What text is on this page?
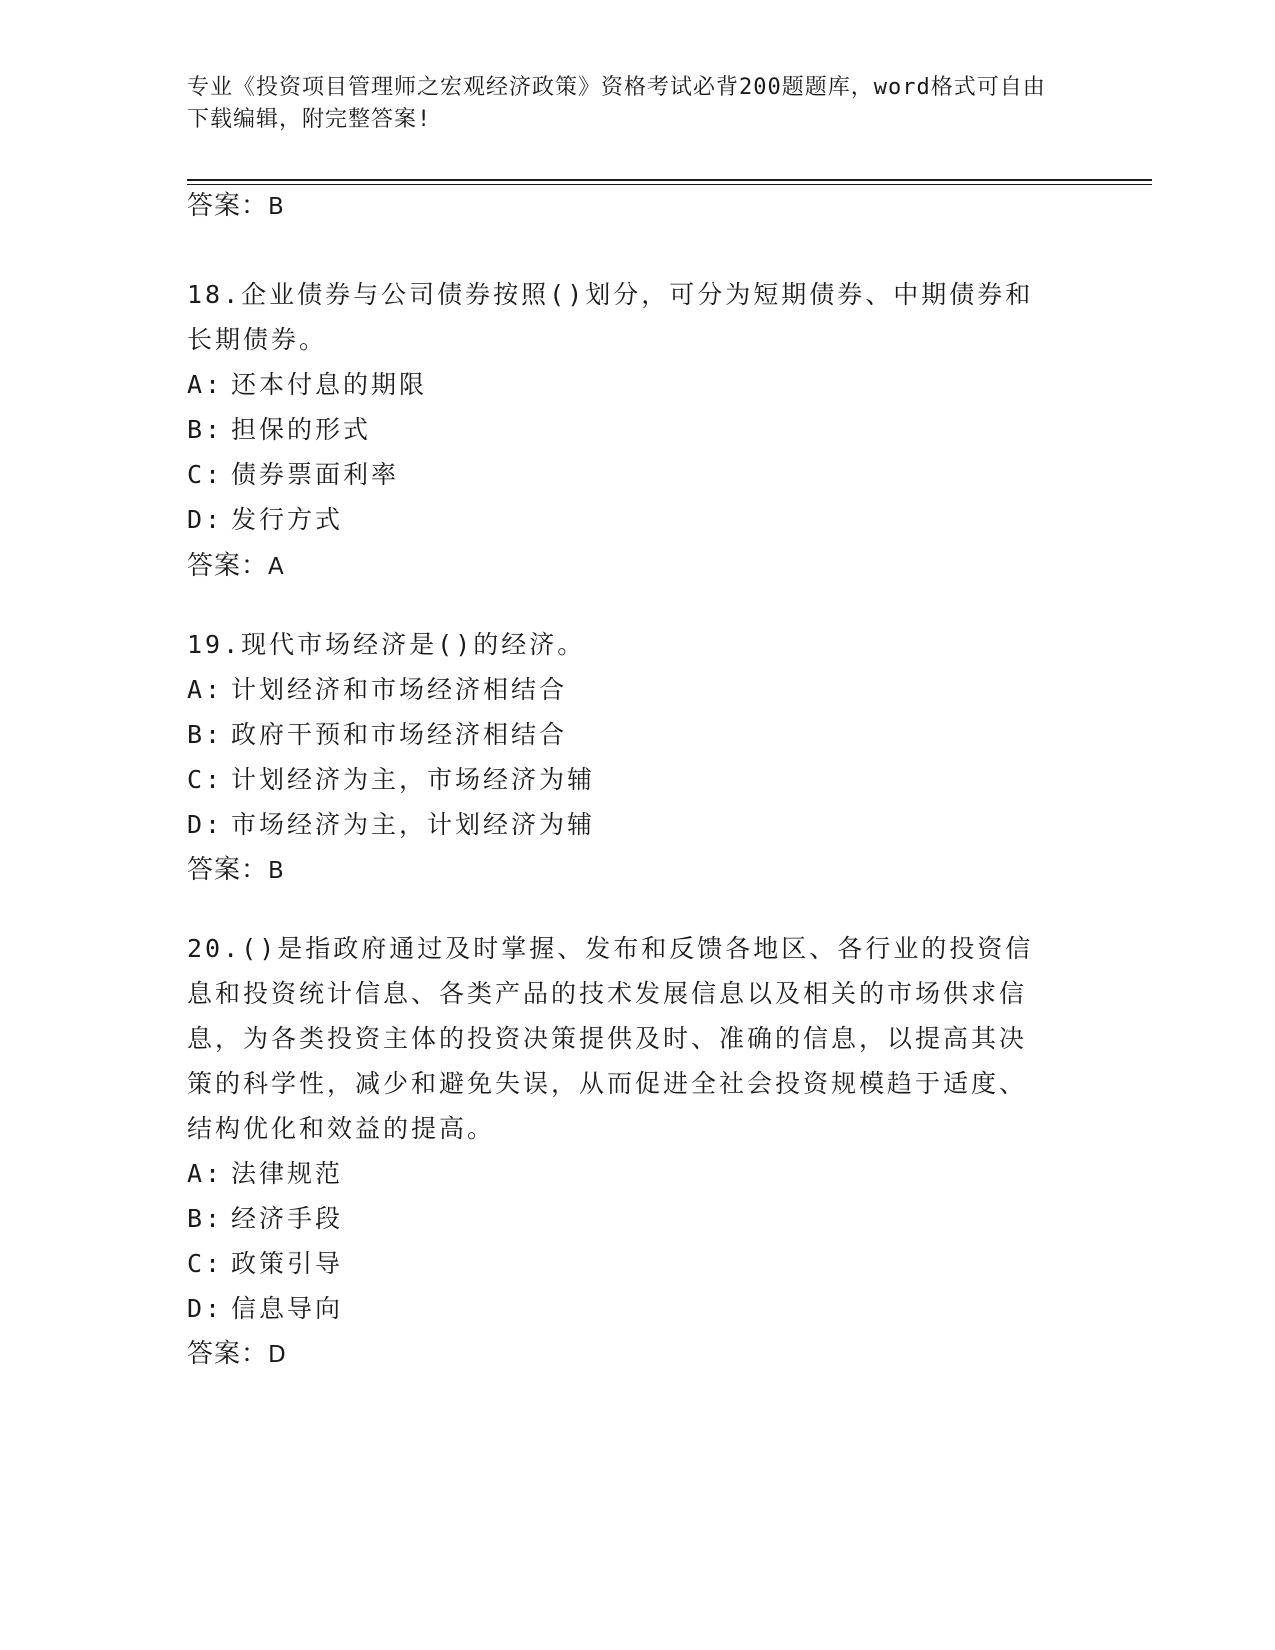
专业《投资项目管理师之宏观经济政策》资格考试必背200题题库，word格式可自由下载编辑，附完整答案!
答案：B

18.企业债券与公司债券按照()划分，可分为短期债券、中期债券和长期债券。

A: 还本付息的期限

B: 担保的形式

C: 债券票面利率

D: 发行方式

答案：A

19.现代市场经济是()的经济。

A: 计划经济和市场经济相结合

B: 政府干预和市场经济相结合

C: 计划经济为主，市场经济为辅

D: 市场经济为主，计划经济为辅

答案：B

20.()是指政府通过及时掌握、发布和反馈各地区、各行业的投资信息和投资统计信息、各类产品的技术发展信息以及相关的市场供求信息，为各类投资主体的投资决策提供及时、准确的信息，以提高其决策的科学性，减少和避免失误，从而促进全社会投资规模趋于适度、结构优化和效益的提高。

A: 法律规范

B: 经济手段

C: 政策引导

D: 信息导向

答案：D
